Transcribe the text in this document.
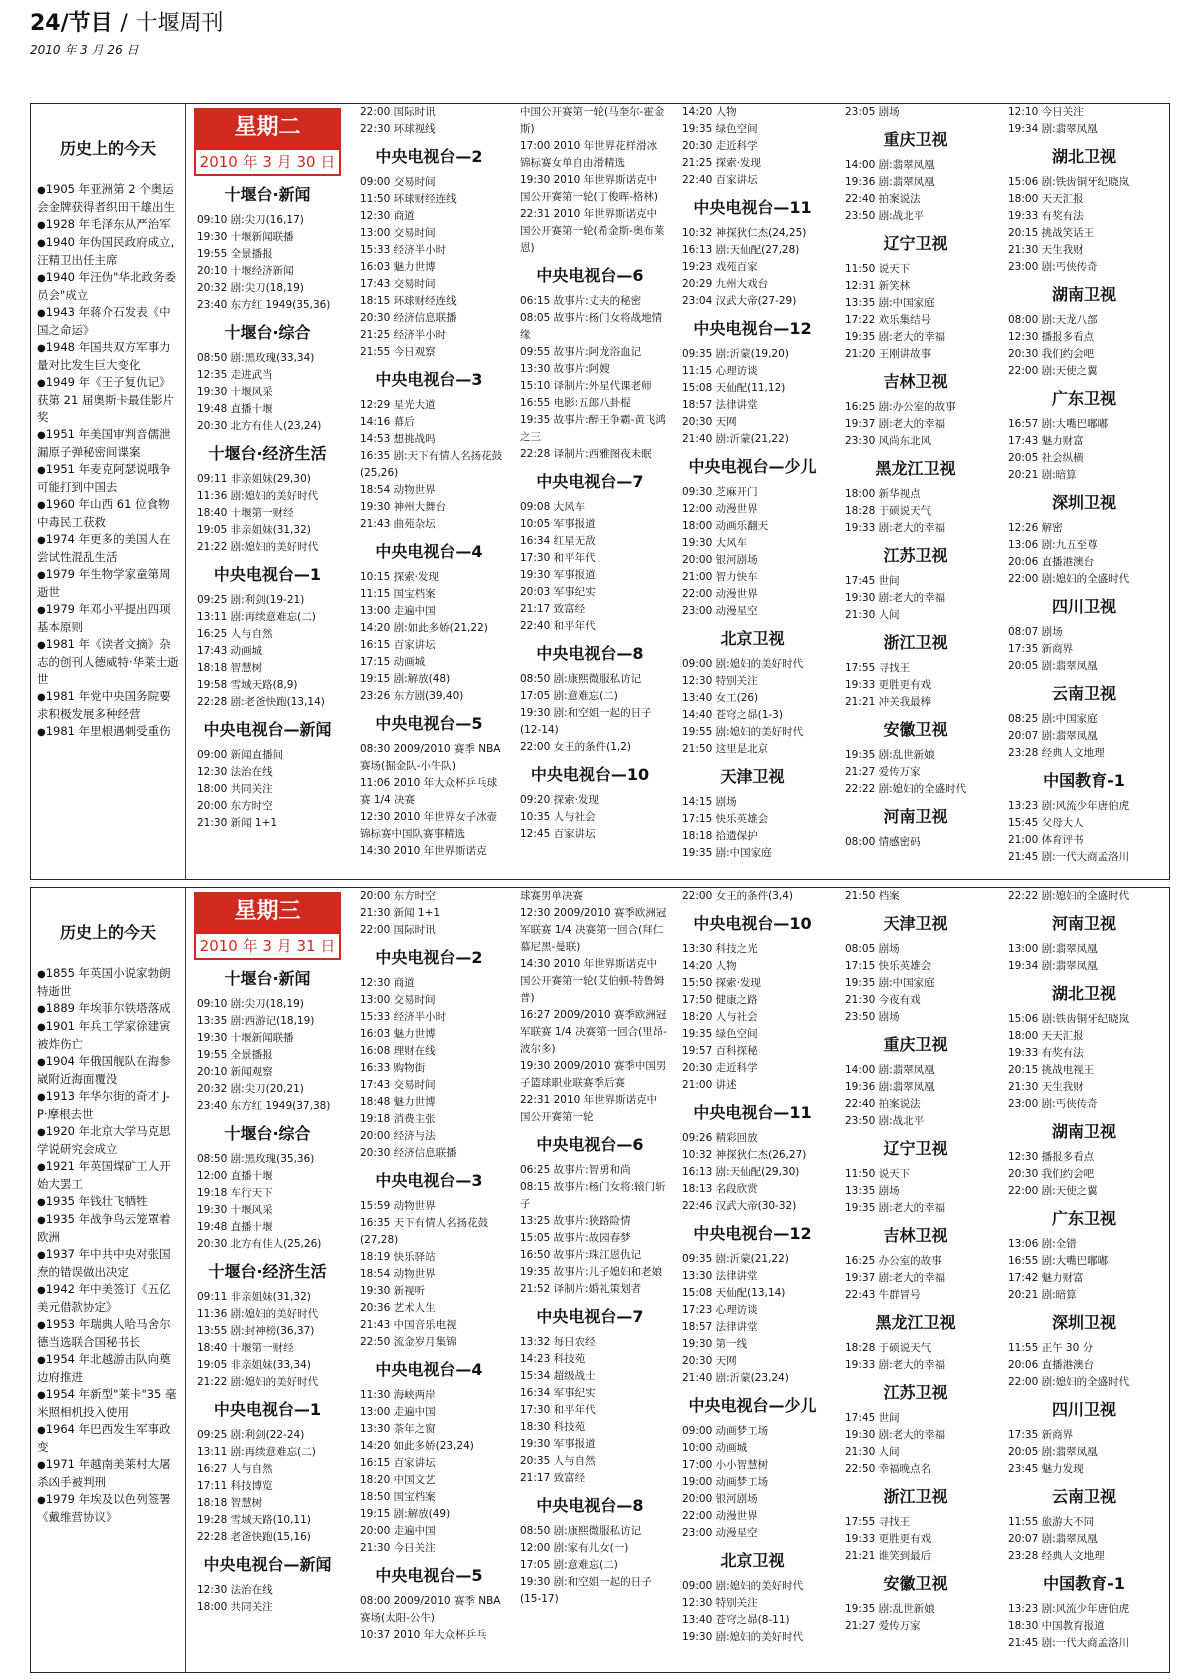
24/节目 / 十堰周刊
2010 年 3 月 26 日
历史上的今天
● 1905 年亚洲第 2 个奥运会金牌获得者织田干雄出生
● 1928 年毛泽东从严治军
● 1940 年伪国民政府成立,汪精卫出任主席
● 1940 年汪伪"华北政务委员会"成立
● 1943 年蒋介石发表《中国之命运》
● 1948 年国共双方军事力量对比发生巨大变化
● 1949 年《王子复仇记》获第 21 届奥斯卡最佳影片奖
● 1951 年美国审判音儒泄漏原子弹秘密间谍案
● 1951 年麦克阿瑟说哦争可能打到中国去
● 1960 年山西 61 位食物中毒民工获救
● 1974 年更多的美国人在尝试性混乱生活
● 1979 年生物学家童第周逝世
● 1979 年邓小平提出四项基本原则
● 1981 年《读者文摘》杂志的创刊人德威特·华莱士逝世
● 1981 年党中央国务院要求积极发展多种经营
● 1981 年里根遇刺受重伤
星期二
2010 年 3 月 30 日
十堰台·新闻
09:10 剧:尖刀(16,17)
19:30 十堰新闻联播
19:55 全景播报
20:10 十堰经济新闻
20:32 剧:尖刀(18,19)
23:40 东方红 1949(35,36)
十堰台·综合
08:50 剧:黑玫瑰(33,34)
12:35 走进武当
19:30 十堰风采
19:48 直播十堰
20:30 北方有佳人(23,24)
十堰台·经济生活
09:11 非亲姐妹(29,30)
11:36 剧:媳妇的美好时代
18:40 十堰第一财经
19:05 非亲姐妹(31,32)
21:22 剧:媳妇的美好时代
中央电视台—1
09:25 剧:利剑(19-21)
13:11 剧:再续意难忘(二)
16:25 人与自然
17:43 动画城
18:18 智慧树
19:58 雪域天路(8,9)
22:28 剧:老爸快跑(13,14)
中央电视台—新闻
09:00 新闻直播间
12:30 法治在线
18:00 共同关注
20:00 东方时空
21:30 新闻 1+1
22:00 国际时讯
22:30 环球视线
中央电视台—2
09:00 交易时间
11:50 环球财经连线
12:30 商道
13:00 交易时间
15:33 经济半小时
16:03 魅力世博
17:43 交易时间
18:15 环球财经连线
20:30 经济信息联播
21:25 经济半小时
21:55 今日观察
中央电视台—3
12:29 星光大道
14:16 幕后
14:53 想挑战吗
16:35 剧:天下有情人名扬花鼓(25,26)
18:54 动物世界
19:30 神州大舞台
21:43 曲苑杂坛
中央电视台—4
10:15 探索·发现
11:15 国宝档案
13:00 走遍中国
14:20 剧:如此多娇(21,22)
16:15 百家讲坛
17:15 动画城
19:15 剧:解放(48)
23:26 东方剧(39,40)
中央电视台—5
08:30 2009/2010 赛季 NBA 赛场(掘金队-小牛队)
11:06 2010 年大众杯乒乓球赛 1/4 决赛
12:30 2010 年世界女子冰壶锦标赛中国队赛事精选
14:30 2010 年世界斯诺克
中国公开赛第一轮(马奎尔-霍金斯)
17:00 2010 年世界花样滑冰锦标赛女单自由滑精选
19:30 2010 年世界斯诺克中国公开赛第一轮(丁俊晖-格林)
22:31 2010 年世界斯诺克中国公开赛第一轮(希金斯-奥布莱恩)
中央电视台—6
06:15 故事片:丈夫的秘密
08:05 故事片:杨门女将战地情缘
09:55 故事片:阿龙浴血记
13:30 故事片:阿嫂
15:10 译制片:外星代课老师
16:55 电影:五郎八卦棍
19:35 故事片:醉王争霸-黄飞鸿之三
22:28 译制片:西雅图夜未眠
中央电视台—7
09:08 大风车
10:05 军事报道
16:34 红星无敌
17:30 和平年代
19:30 军事报道
20:03 军事纪实
21:17 致富经
22:40 和平年代
中央电视台—8
08:50 剧:康熙微服私访记
17:05 剧:意难忘(二)
19:30 剧:和空姐一起的日子(12-14)
22:00 女王的条件(1,2)
中央电视台—10
09:20 探索·发现
10:35 人与社会
12:45 百家讲坛
14:20 人物
19:35 绿色空间
20:30 走近科学
21:25 探索·发现
22:40 百家讲坛
中央电视台—11
10:32 神探狄仁杰(24,25)
16:13 剧:天仙配(27,28)
19:23 戏苑百家
20:29 九州大戏台
23:04 汉武大帝(27-29)
中央电视台—12
09:35 剧:沂蒙(19,20)
11:15 心理访谈
15:08 天仙配(11,12)
18:57 法律讲堂
20:30 天网
21:40 剧:沂蒙(21,22)
中央电视台—少儿
09:30 芝麻开门
12:00 动漫世界
18:00 动画乐翻天
19:30 大风车
20:00 银河剧场
21:00 智力快车
22:00 动漫世界
23:00 动漫星空
北京卫视
09:00 剧:媳妇的美好时代
12:30 特别关注
13:40 女工(26)
14:40 苍穹之昴(1-3)
19:55 剧:媳妇的美好时代
21:50 这里是北京
天津卫视
14:15 剧场
17:15 快乐英雄会
18:18 拾遗保护
19:35 剧:中国家庭
23:05 剧场
重庆卫视
14:00 剧:翡翠凤凰
19:36 剧:翡翠凤凰
22:40 拍案说法
23:50 剧:战北平
辽宁卫视
11:50 说天下
12:31 新笑林
13:35 剧:中国家庭
17:22 欢乐集结号
19:35 剧:老大的幸福
21:20 王刚讲故事
吉林卫视
16:25 剧:办公室的故事
19:37 剧:老大的幸福
23:30 风尚东北风
黑龙江卫视
18:00 新华视点
18:28 于硕说天气
19:33 剧:老大的幸福
江苏卫视
17:45 世间
19:30 剧:老大的幸福
21:30 人间
浙江卫视
17:55 寻找王
19:33 更胜更有戏
21:21 冲关我最棒
安徽卫视
19:35 剧:乱世新娘
21:27 爱传万家
22:22 剧:媳妇的全盛时代
河南卫视
08:00 情感密码
12:10 今日关注
19:34 剧:翡翠凤凰
湖北卫视
15:06 剧:铁齿铜牙纪晓岚
18:00 天天汇报
19:33 有奖有法
20:15 挑战笑话王
21:30 天生我财
23:00 剧:丐侠传奇
湖南卫视
08:00 剧:天龙八部
12:30 播报多看点
20:30 我们约会吧
22:00 剧:天使之翼
广东卫视
16:57 剧:大嘴巴嘟嘟
17:43 魅力财富
20:05 社会纵横
20:21 剧:暗算
深圳卫视
12:26 解密
13:06 剧:九五至尊
20:06 直播港澳台
22:00 剧:媳妇的全盛时代
四川卫视
08:07 剧场
17:35 新商界
20:05 剧:翡翠凤凰
云南卫视
08:25 剧:中国家庭
20:07 剧:翡翠凤凰
23:28 经典人文地理
中国教育-1
13:23 剧:风流少年唐伯虎
15:45 父母大人
21:00 体育评书
21:45 剧:一代大商孟洛川
历史上的今天
● 1855 年英国小说家勃朗特逝世
● 1889 年埃菲尔铁塔落成
● 1901 年兵工学家徐建寅被炸伤亡
● 1904 年俄国舰队在海参崴附近海面覆没
● 1913 年华尔街的奇才 J-P·摩根去世
● 1920 年北京大学马克思学说研究会成立
● 1921 年英国煤矿工人开始大罢工
● 1935 年钱壮飞牺牲
● 1935 年战争鸟云笼罩着欧洲
● 1937 年中共中央对张国焘的错误做出决定
● 1942 年中美签订《五亿美元借款协定》
● 1953 年瑞典人哈马舍尔德当选联合国秘书长
● 1954 年北越游击队向奠边府推进
● 1954 年新型"莱卡"35 毫米照相机投入使用
● 1964 年巴西发生军事政变
● 1971 年越南美莱村大屠杀凶手被判刑
● 1979 年埃及以色列签署《戴维营协议》
星期三
2010 年 3 月 31 日
十堰台·新闻
09:10 剧:尖刀(18,19)
13:35 剧:西游记(18,19)
19:30 十堰新闻联播
19:55 全景播报
20:10 新闻观察
20:32 剧:尖刀(20,21)
23:40 东方红 1949(37,38)
十堰台·综合
08:50 剧:黑玫瑰(35,36)
12:00 直播十堰
19:18 车行天下
19:30 十堰风采
19:48 直播十堰
20:30 北方有佳人(25,26)
十堰台·经济生活
09:11 非亲姐妹(31,32)
11:36 剧:媳妇的美好时代
13:55 剧:封神榜(36,37)
18:40 十堰第一财经
19:05 非亲姐妹(33,34)
21:22 剧:媳妇的美好时代
中央电视台—1
09:25 剧:利剑(22-24)
13:11 剧:再续意难忘(二)
16:27 人与自然
17:11 科技博览
18:18 智慧树
19:28 雪域天路(10,11)
22:28 老爸快跑(15,16)
中央电视台—新闻
12:30 法治在线
18:00 共同关注
20:00 东方时空
21:30 新闻 1+1
22:00 国际时讯
中央电视台—2
12:30 商道
13:00 交易时间
15:33 经济半小时
16:03 魅力世博
16:08 理财在线
16:33 购物街
17:43 交易时间
18:48 魅力世博
19:18 消费主张
20:00 经济与法
20:30 经济信息联播
中央电视台—3
15:59 动物世界
16:35 天下有情人名扬花鼓(27,28)
18:19 快乐驿站
18:54 动物世界
19:30 新视听
20:36 艺术人生
21:43 中国音乐电视
22:50 流金岁月集锦
中央电视台—4
11:30 海峡两岸
13:00 走遍中国
13:30 茶年之窗
14:20 如此多娇(23,24)
16:15 百家讲坛
18:20 中国文艺
18:50 国宝档案
19:15 剧:解放(49)
20:00 走遍中国
21:30 今日关注
中央电视台—5
08:00 2009/2010 赛季 NBA 赛场(太阳-公牛)
10:37 2010 年大众杯乒乓
球赛男单决赛
12:30 2009/2010 赛季欧洲冠军联赛 1/4 决赛第一回合(拜仁慕尼黑-曼联)
14:30 2010 年世界斯诺克中国公开赛第一轮(艾伯顿-特鲁姆普)
16:27 2009/2010 赛季欧洲冠军联赛 1/4 决赛第一回合(里昂-波尔多)
19:30 2009/2010 赛季中国男子篮球职业联赛季后赛
22:31 2010 年世界斯诺克中国公开赛第一轮
中央电视台—6
06:25 故事片:智勇和尚
08:15 故事片:杨门女将:辕门斩子
13:25 故事片:狭路险情
15:05 故事片:故园春梦
16:50 故事片:珠江恩仇记
19:35 故事片:儿子媳妇和老娘
21:52 译制片:婚礼策划者
中央电视台—7
13:32 每日农经
14:23 科技苑
15:34 超级战士
16:34 军事纪实
17:30 和平年代
18:30 科技苑
19:30 军事报道
20:35 人与自然
21:17 致富经
中央电视台—8
08:50 剧:康熙微服私访记
12:00 剧:家有儿女(一)
17:05 剧:意难忘(二)
19:30 剧:和空姐一起的日子(15-17)
22:00 女王的条件(3,4)
中央电视台—10
13:30 科技之光
14:20 人物
15:50 探索·发现
17:50 健康之路
18:20 人与社会
19:35 绿色空间
19:57 百科探秘
20:30 走近科学
21:00 讲述
中央电视台—11
09:26 精彩回放
10:32 神探狄仁杰(26,27)
16:13 剧:天仙配(29,30)
18:13 名段欣赏
22:46 汉武大帝(30-32)
中央电视台—12
09:35 剧:沂蒙(21,22)
13:30 法律讲堂
15:08 天仙配(13,14)
17:23 心理访谈
18:57 法律讲堂
19:30 第一线
20:30 天网
21:40 剧:沂蒙(23,24)
中央电视台—少儿
09:00 动画梦工场
10:00 动画城
17:00 小小智慧树
19:00 动画梦工场
20:00 银河剧场
22:00 动漫世界
23:00 动漫星空
北京卫视
09:00 剧:媳妇的美好时代
12:30 特别关注
13:40 苍穹之昴(8-11)
19:30 剧:媳妇的美好时代
21:50 档案
天津卫视
08:05 剧场
17:15 快乐英雄会
19:35 剧:中国家庭
21:30 今夜有戏
23:50 剧场
重庆卫视
14:00 剧:翡翠凤凰
19:36 剧:翡翠凤凰
22:40 拍案说法
23:50 剧:战北平
辽宁卫视
11:50 说天下
13:35 剧场
19:35 剧:老大的幸福
吉林卫视
16:25 办公室的故事
19:37 剧:老大的幸福
22:43 牛群冒号
黑龙江卫视
18:28 于硕说天气
19:33 剧:老大的幸福
江苏卫视
17:45 世间
19:30 剧:老大的幸福
21:30 人间
22:50 幸福晚点名
浙江卫视
17:55 寻找王
19:33 更胜更有戏
21:21 谁笑到最后
安徽卫视
19:35 剧:乱世新娘
21:27 爱传万家
22:22 剧:媳妇的全盛时代
河南卫视
13:00 剧:翡翠凤凰
19:34 剧:翡翠凤凰
湖北卫视
15:06 剧:铁齿铜牙纪晓岚
18:00 天天汇报
19:33 有奖有法
20:15 挑战电视王
21:30 天生我财
23:00 剧:丐侠传奇
湖南卫视
12:30 播报多看点
20:30 我们约会吧
22:00 剧:天使之翼
广东卫视
13:06 剧:全错
16:55 剧:大嘴巴嘟嘟
17:42 魅力财富
20:21 剧:暗算
深圳卫视
11:55 正午 30 分
20:06 直播港澳台
22:00 剧:媳妇的全盛时代
四川卫视
17:35 新商界
20:05 剧:翡翠凤凰
23:45 魅力发现
云南卫视
11:55 旅游大不同
20:07 剧:翡翠凤凰
23:28 经典人文地理
中国教育-1
13:23 剧:风流少年唐伯虎
18:30 中国教育报道
21:45 剧:一代大商孟洛川
